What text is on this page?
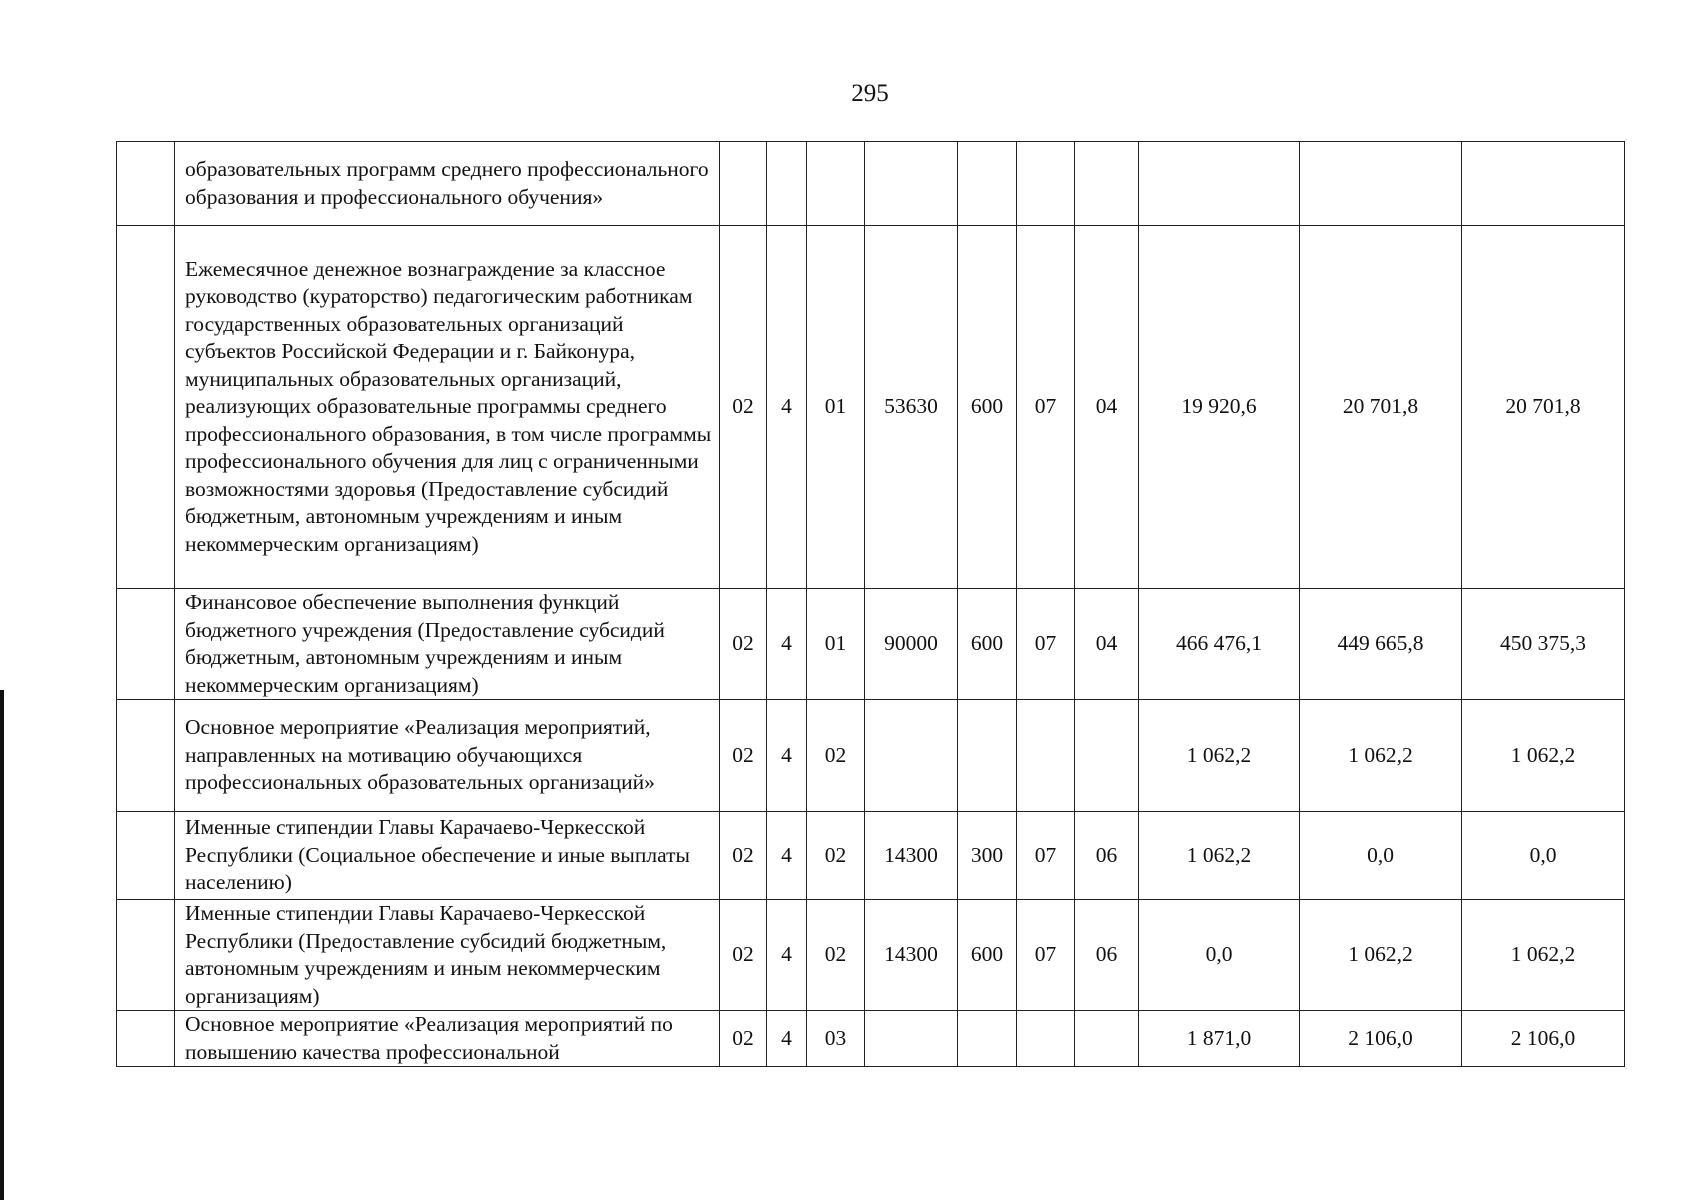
295
	образовательных программ среднего профессионального образования и профессионального обучения»										
	Ежемесячное денежное вознаграждение за классное руководство (кураторство) педагогическим работникам государственных образовательных организаций субъектов Российской Федерации и г. Байконура, муниципальных образовательных организаций, реализующих образовательные программы среднего профессионального образования, в том числе программы профессионального обучения для лиц с ограниченными возможностями здоровья (Предоставление субсидий бюджетным, автономным учреждениям и иным некоммерческим организациям)	02	4	01	53630	600	07	04	19 920,6	20 701,8	20 701,8
	Финансовое обеспечение выполнения функций бюджетного учреждения (Предоставление субсидий бюджетным, автономным учреждениям и иным некоммерческим организациям)	02	4	01	90000	600	07	04	466 476,1	449 665,8	450 375,3
	Основное мероприятие «Реализация мероприятий, направленных на мотивацию обучающихся профессиональных образовательных организаций»	02	4	02					1 062,2	1 062,2	1 062,2
	Именные стипендии Главы Карачаево-Черкесской Республики (Социальное обеспечение и иные выплаты населению)	02	4	02	14300	300	07	06	1 062,2	0,0	0,0
	Именные стипендии Главы Карачаево-Черкесской Республики (Предоставление субсидий бюджетным, автономным учреждениям и иным некоммерческим организациям)	02	4	02	14300	600	07	06	0,0	1 062,2	1 062,2
	Основное мероприятие «Реализация мероприятий по повышению качества профессиональной	02	4	03					1 871,0	2 106,0	2 106,0
